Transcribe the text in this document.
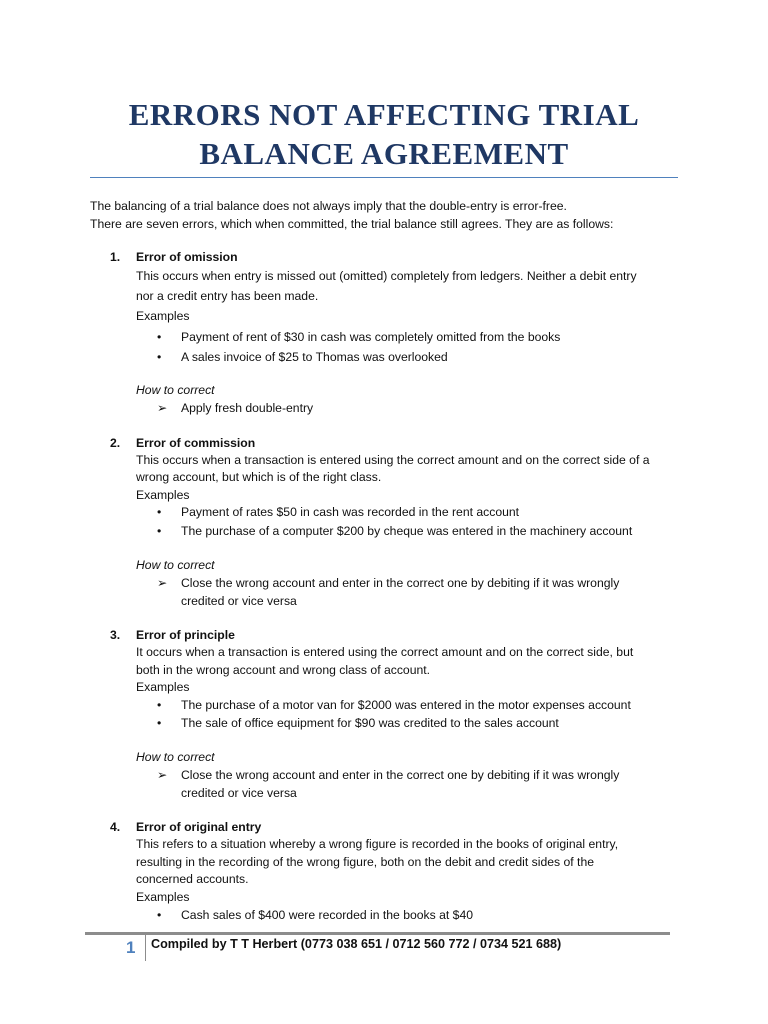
ERRORS NOT AFFECTING TRIAL
BALANCE AGREEMENT
The balancing of a trial balance does not always imply that the double-entry is error-free.
There are seven errors, which when committed, the trial balance still agrees. They are as follows:
1. Error of omission
This occurs when entry is missed out (omitted) completely from ledgers. Neither a debit entry
nor a credit entry has been made.
Examples
•	Payment of rent of $30 in cash was completely omitted from the books
•	A sales invoice of $25 to Thomas was overlooked
How to correct
➢ Apply fresh double-entry
2. Error of commission
This occurs when a transaction is entered using the correct amount and on the correct side of a
wrong account, but which is of the right class.
Examples
•	Payment of rates $50 in cash was recorded in the rent account
•	The purchase of a computer $200 by cheque was entered in the machinery account
How to correct
➢ Close the wrong account and enter in the correct one by debiting if it was wrongly
credited or vice versa
3. Error of principle
It occurs when a transaction is entered using the correct amount and on the correct side, but
both in the wrong account and wrong class of account.
Examples
•	The purchase of a motor van for $2000 was entered in the motor expenses account
•	The sale of office equipment for $90 was credited to the sales account
How to correct
➢ Close the wrong account and enter in the correct one by debiting if it was wrongly
credited or vice versa
4. Error of original entry
This refers to a situation whereby a wrong figure is recorded in the books of original entry,
resulting in the recording of the wrong figure, both on the debit and credit sides of the
concerned accounts.
Examples
•	Cash sales of $400 were recorded in the books at $40
1 Compiled by T T Herbert (0773 038 651 / 0712 560 772 / 0734 521 688)
